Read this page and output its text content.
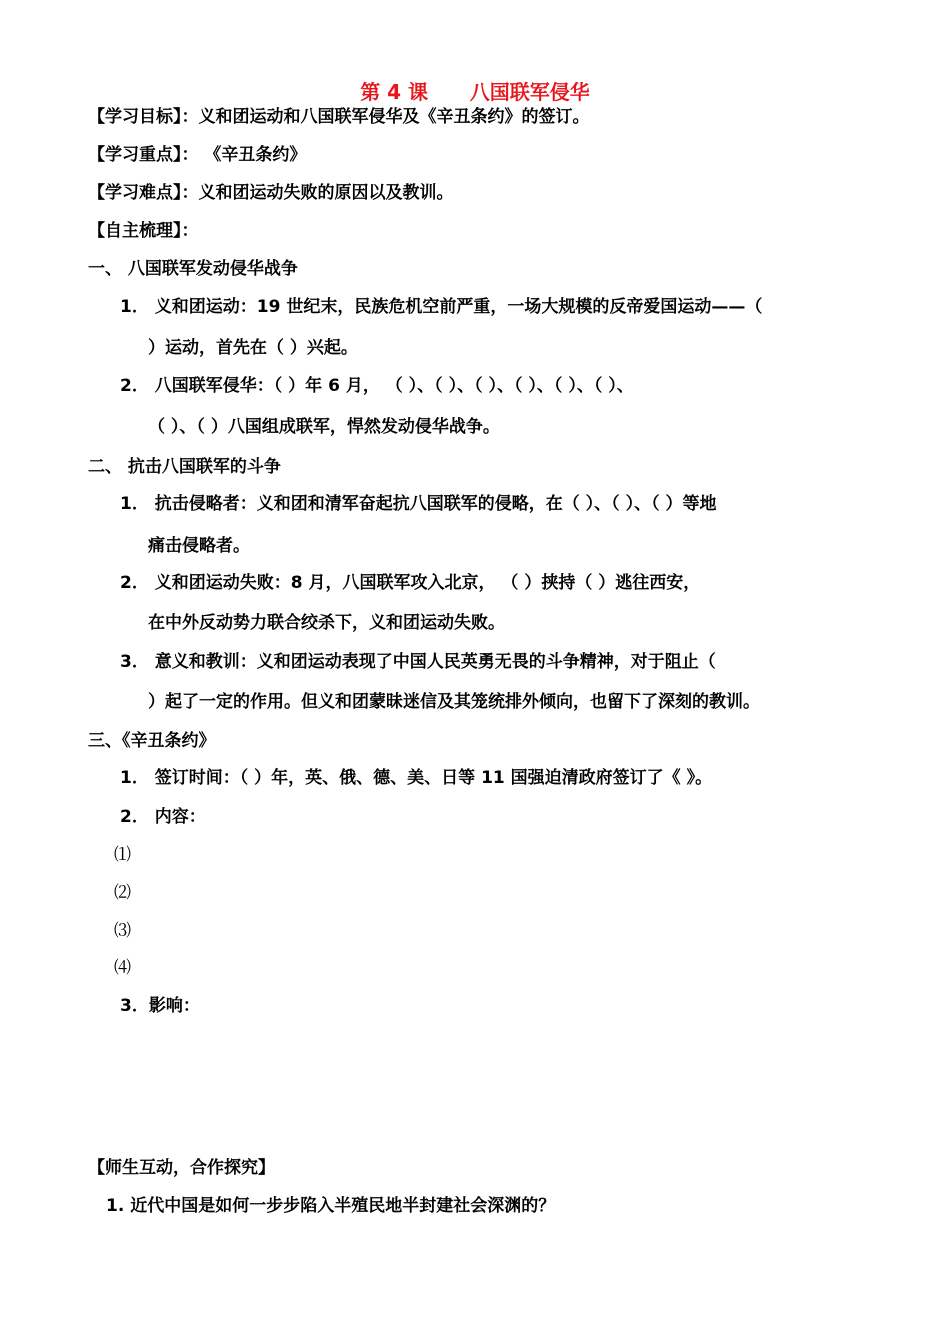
第 4 课      八国联军侵华
【学习目标】：义和团运动和八国联军侵华及《辛丑条约》的签订。
【学习重点】： 《辛丑条约》
【学习难点】：义和团运动失败的原因以及教训。
【自主梳理】：
一、 八国联军发动侵华战争
1． 义和团运动：19 世纪末，民族危机空前严重，一场大规模的反帝爱国运动——（
）运动，首先在（ ）兴起。
2． 八国联军侵华：（ ）年 6 月， （ ）、（ ）、（ ）、（ ）、（ ）、（ ）、
（ ）、（ ）八国组成联军，悍然发动侵华战争。
二、 抗击八国联军的斗争
1． 抗击侵略者：义和团和清军奋起抗八国联军的侵略，在（ ）、（ ）、（ ）等地
痛击侵略者。
2． 义和团运动失败：8 月，八国联军攻入北京， （ ）挟持（ ）逃往西安，
在中外反动势力联合绞杀下，义和团运动失败。
3． 意义和教训：义和团运动表现了中国人民英勇无畏的斗争精神，对于阻止（
）起了一定的作用。但义和团蒙昧迷信及其笼统排外倾向，也留下了深刻的教训。
三、《辛丑条约》
1． 签订时间：（ ）年，英、俄、德、美、日等 11 国强迫清政府签订了《 》。
2． 内容：
⑴
⑵
⑶
⑷
3．影响：
【师生互动，合作探究】
1. 近代中国是如何一步步陷入半殖民地半封建社会深渊的？
